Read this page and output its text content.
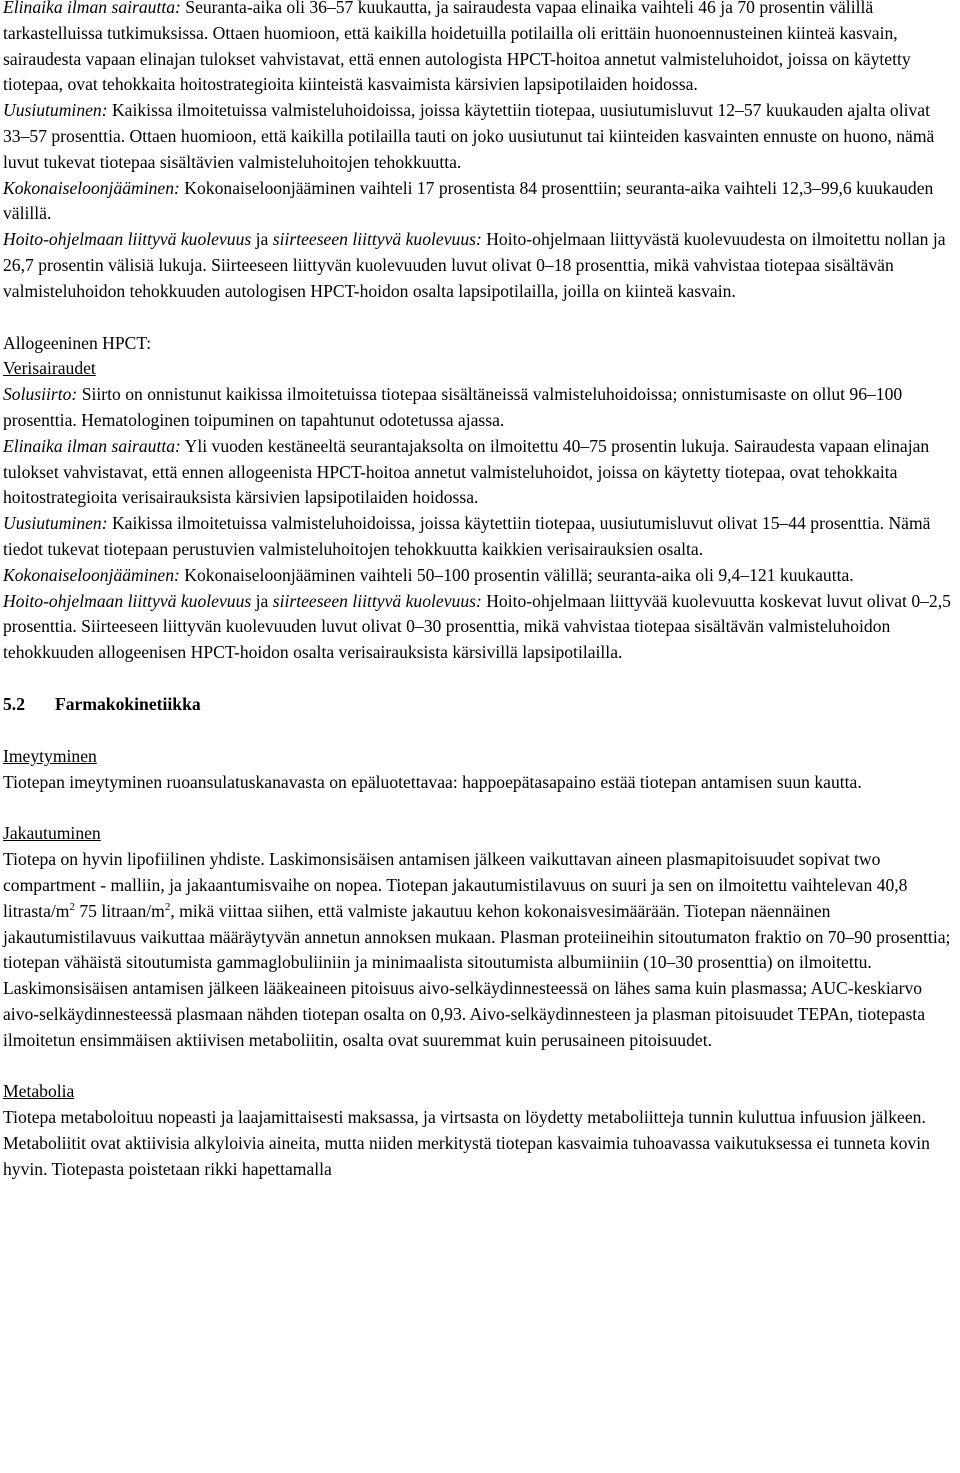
Elinaika ilman sairautta: Seuranta-aika oli 36–57 kuukautta, ja sairaudesta vapaa elinaika vaihteli 46 ja 70 prosentin välillä tarkastelluissa tutkimuksissa. Ottaen huomioon, että kaikilla hoidetuilla potilailla oli erittäin huonoennusteinen kiinteä kasvain, sairaudesta vapaan elinajan tulokset vahvistavat, että ennen autologista HPCT-hoitoa annetut valmisteluhoidot, joissa on käytetty tiotepaa, ovat tehokkaita hoitostrategioita kiinteistä kasvaimista kärsivien lapsipotilaiden hoidossa.

Uusiutuminen: Kaikissa ilmoitetuissa valmisteluhoidoissa, joissa käytettiin tiotepaa, uusiutumisluvut 12–57 kuukauden ajalta olivat 33–57 prosenttia. Ottaen huomioon, että kaikilla potilailla tauti on joko uusiutunut tai kiinteiden kasvainten ennuste on huono, nämä luvut tukevat tiotepaa sisältävien valmisteluhoitojen tehokkuutta.

Kokonaiseloonjääminen: Kokonaiseloonjääminen vaihteli 17 prosentista 84 prosenttiin; seuranta-aika vaihteli 12,3–99,6 kuukauden välillä.

Hoito-ohjelmaan liittyvä kuolevuus ja siirteeseen liittyvä kuolevuus: Hoito-ohjelmaan liittyvästä kuolevuudesta on ilmoitettu nollan ja 26,7 prosentin välisiä lukuja. Siirteeseen liittyvän kuolevuuden luvut olivat 0–18 prosenttia, mikä vahvistaa tiotepaa sisältävän valmisteluhoidon tehokkuuden autologisen HPCT-hoidon osalta lapsipotilailla, joilla on kiinteä kasvain.

Allogeeninen HPCT:

Verisairaudet

Solusiirto: Siirto on onnistunut kaikissa ilmoitetuissa tiotepaa sisältäneissä valmisteluhoidoissa; onnistumisaste on ollut 96–100 prosenttia. Hematologinen toipuminen on tapahtunut odotetussa ajassa.

Elinaika ilman sairautta: Yli vuoden kestäneeltä seurantajaksolta on ilmoitettu 40–75 prosentin lukuja. Sairaudesta vapaan elinajan tulokset vahvistavat, että ennen allogeenista HPCT-hoitoa annetut valmisteluhoidot, joissa on käytetty tiotepaa, ovat tehokkaita hoitostrategioita verisairauksista kärsivien lapsipotilaiden hoidossa.

Uusiutuminen: Kaikissa ilmoitetuissa valmisteluhoidoissa, joissa käytettiin tiotepaa, uusiutumisluvut olivat 15–44 prosenttia. Nämä tiedot tukevat tiotepaan perustuvien valmisteluhoitojen tehokkuutta kaikkien verisairauksien osalta.

Kokonaiseloonjääminen: Kokonaiseloonjääminen vaihteli 50–100 prosentin välillä; seuranta-aika oli 9,4–121 kuukautta.

Hoito-ohjelmaan liittyvä kuolevuus ja siirteeseen liittyvä kuolevuus: Hoito-ohjelmaan liittyvää kuolevuutta koskevat luvut olivat 0–2,5 prosenttia. Siirteeseen liittyvän kuolevuuden luvut olivat 0–30 prosenttia, mikä vahvistaa tiotepaa sisältävän valmisteluhoidon tehokkuuden allogeenisen HPCT-hoidon osalta verisairauksista kärsivillä lapsipotilailla.

5.2 Farmakokinetiikka

Imeytyminen

Tiotepan imeytyminen ruoansulatuskanavasta on epäluotettavaa: happoepätasapaino estää tiotepan antamisen suun kautta.

Jakautuminen

Tiotepa on hyvin lipofiilinen yhdiste. Laskimonsisäisen antamisen jälkeen vaikuttavan aineen plasmapitoisuudet sopivat two compartment - malliin, ja jakaantumisvaihe on nopea. Tiotepan jakautumistilavuus on suuri ja sen on ilmoitettu vaihtelevan 40,8 litrasta/$m^2$ 75 litraan/$m^2$, mikä viittaa siihen, että valmiste jakautuu kehon kokonaisvesimäärään. Tiotepan näennäinen jakautumistilavuus vaikuttaa määräytyvän annetun annoksen mukaan. Plasman proteiineihin sitoutumaton fraktio on 70–90 prosenttia; tiotepan vähäistä sitoutumista gammaglobuliiniin ja minimaalista sitoutumista albumiiniin (10–30 prosenttia) on ilmoitettu.

Laskimonsisäisen antamisen jälkeen lääkeaineen pitoisuus aivo-selkäydinnesteessä on lähes sama kuin plasmassa; AUC-keskiarvo aivo-selkäydinnesteessä plasmaan nähden tiotepan osalta on 0,93. Aivo-selkäydinnesteen ja plasman pitoisuudet TEPAn, tiotepasta ilmoitetun ensimmäisen aktiivisen metaboliitin, osalta ovat suuremmat kuin perusaineen pitoisuudet.

Metabolia

Tiotepa metaboloituu nopeasti ja laajamittaisesti maksassa, ja virtsasta on löydetty metaboliitteja tunnin kuluttua infuusion jälkeen. Metaboliitit ovat aktiivisia alkyloivia aineita, mutta niiden merkitystä tiotepan kasvaimia tuhoavassa vaikutuksessa ei tunneta kovin hyvin. Tiotepasta poistetaan rikki hapettamalla
